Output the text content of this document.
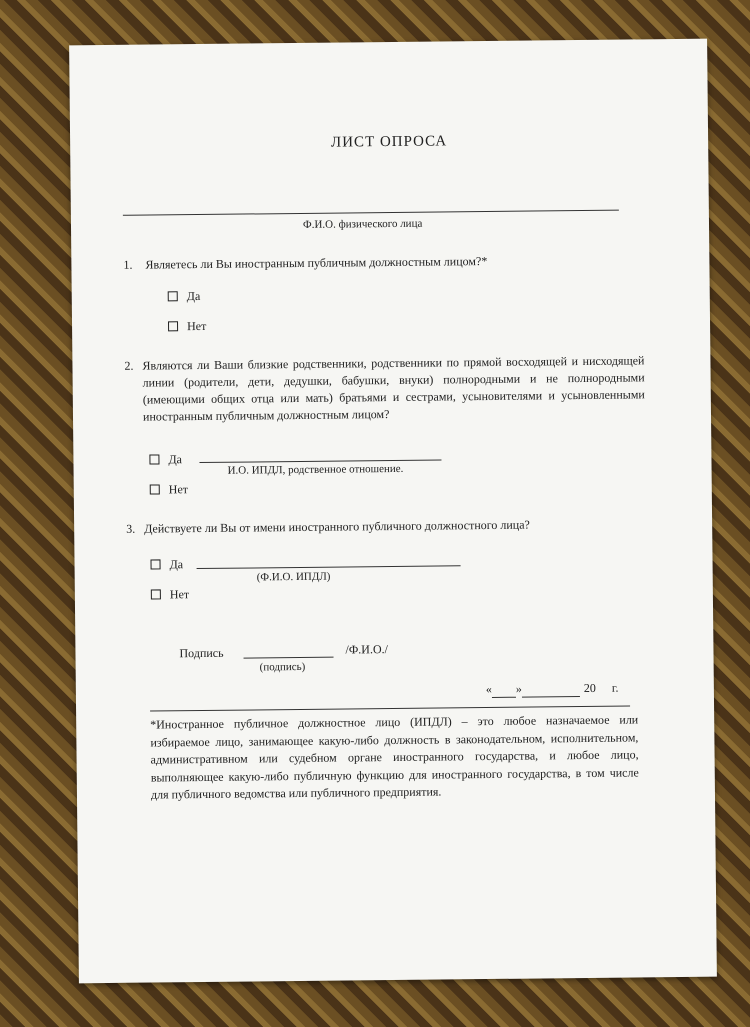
ЛИСТ ОПРОСА
Ф.И.О. физического лица
1. Являетесь ли Вы иностранным публичным должностным лицом?*
Да
Нет
2. Являются ли Ваши близкие родственники, родственники по прямой восходящей и нисходящей линии (родители, дети, дедушки, бабушки, внуки) полнородными и не полнородными (имеющими общих отца или мать) братьями и сестрами, усыновителями и усыновленными иностранным публичным должностным лицом?
Да
И.О. ИПДЛ, родственное отношение.
Нет
3. Действуете ли Вы от имени иностранного публичного должностного лица?
Да
(Ф.И.О. ИПДЛ)
Нет
Подпись	/Ф.И.О./
(подпись)
« »	20 г.
*Иностранное публичное должностное лицо (ИПДЛ) – это любое назначаемое или избираемое лицо, занимающее какую-либо должность в законодательном, исполнительном, административном или судебном органе иностранного государства, и любое лицо, выполняющее какую-либо публичную функцию для иностранного государства, в том числе для публичного ведомства или публичного предприятия.
